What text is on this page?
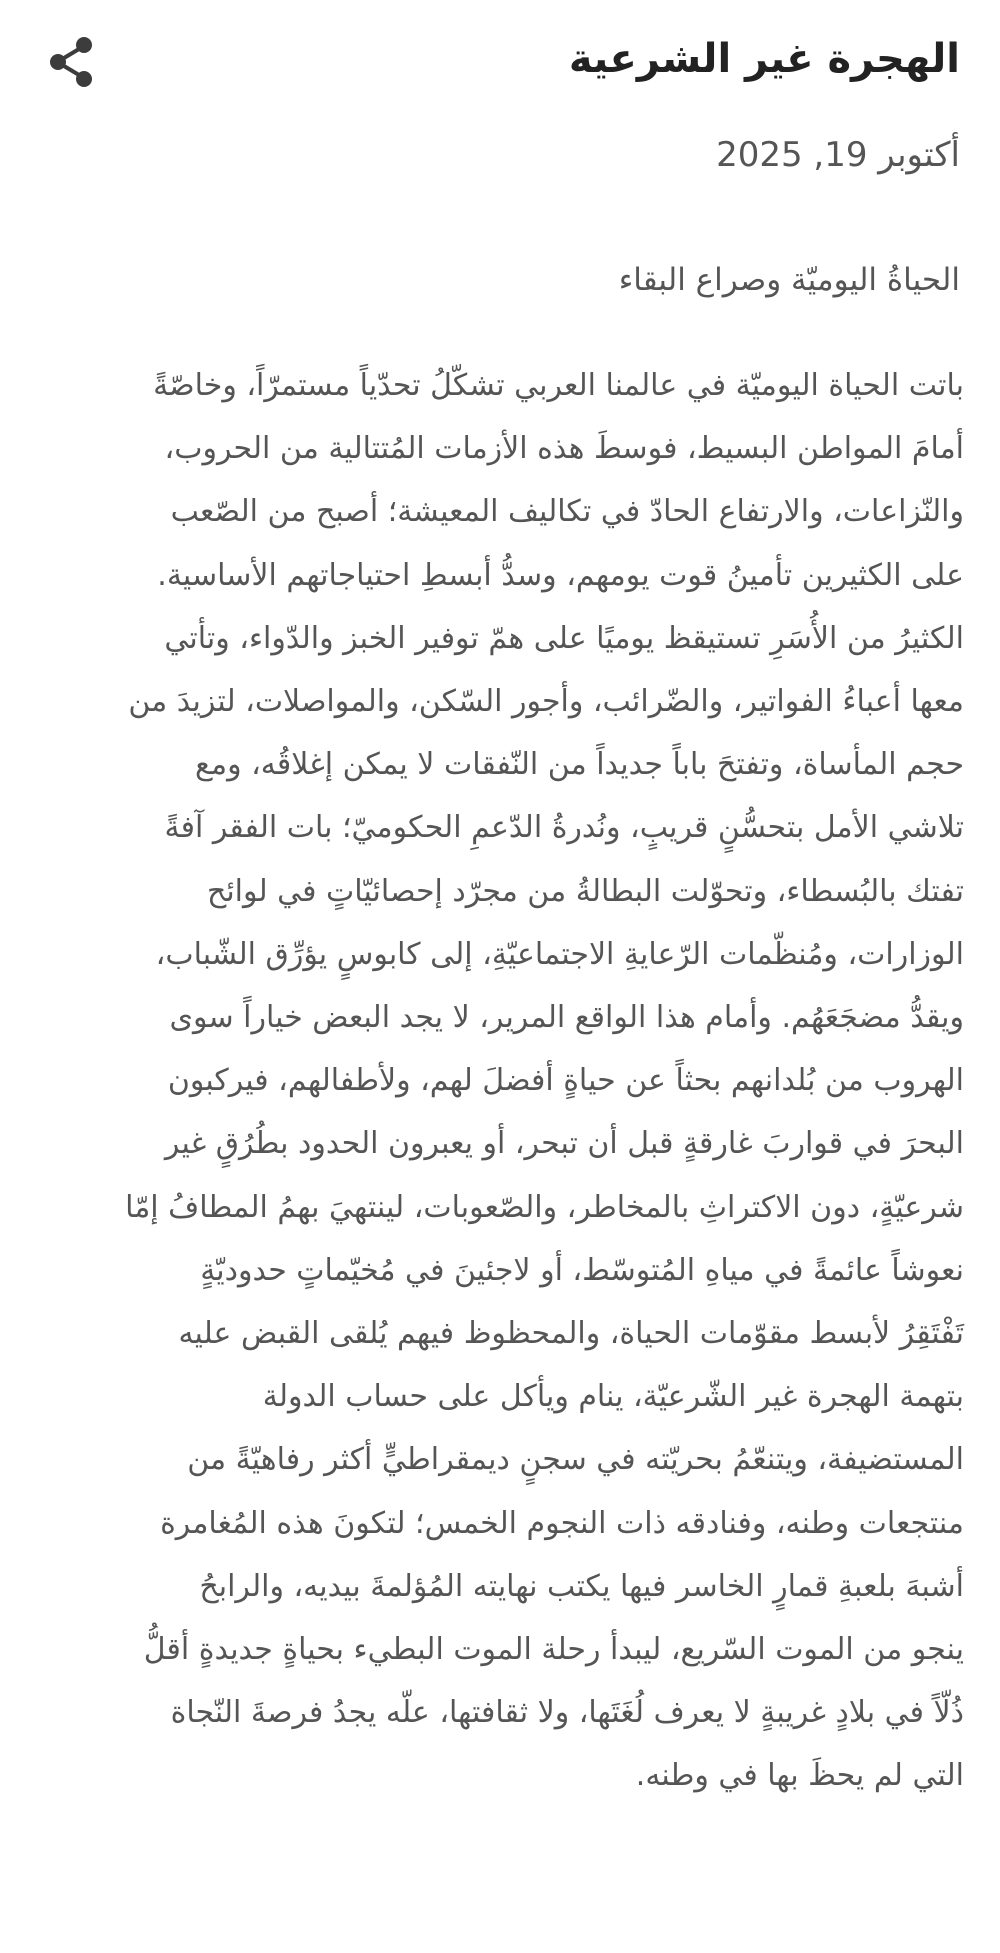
الهجرة غير الشرعية
أكتوبر 19, 2025
الحياةُ اليوميّة وصراع البقاء
باتت الحياة اليوميّة في عالمنا العربي تشكّلُ تحدّياً مستمرّاً، وخاصّةً
أمامَ المواطن البسيط، فوسطَ هذه الأزمات المُتتالية من الحروب،
والنّزاعات، والارتفاع الحادّ في تكاليف المعيشة؛ أصبح من الصّعب
على الكثيرين تأمينُ قوت يومهم، وسدُّ أبسطِ احتياجاتهم الأساسية.
الكثيرُ من الأُسَرِ تستيقظ يوميًا على همّ توفير الخبز والدّواء، وتأتي
معها أعباءُ الفواتير، والضّرائب، وأجور السّكن، والمواصلات، لتزيدَ من
حجم المأساة، وتفتحَ باباً جديداً من النّفقات لا يمكن إغلاقُه، ومع
تلاشي الأمل بتحسُّنٍ قريبٍ، ونُدرةُ الدّعمِ الحكوميّ؛ بات الفقر آفةً
تفتك بالبُسطاء، وتحوّلت البطالةُ من مجرّد إحصائيّاتٍ في لوائح
الوزارات، ومُنظّمات الرّعايةِ الاجتماعيّةِ، إلى كابوسٍ يؤرِّق الشّباب،
ويقدُّ مضجَعَهُم. وأمام هذا الواقع المرير، لا يجد البعض خياراً سوى
الهروب من بُلدانهم بحثاً عن حياةٍ أفضلَ لهم، ولأطفالهم، فيركبون
البحرَ في قواربَ غارقةٍ قبل أن تبحر، أو يعبرون الحدود بطُرُقٍ غير
شرعيّةٍ، دون الاكتراثِ بالمخاطر، والصّعوبات، لينتهيَ بهمُ المطافُ إمّا
نعوشاً عائمةً في مياهِ المُتوسّط، أو لاجئينَ في مُخيّماتٍ حدوديّةٍ
تَفْتَقِرُ لأبسط مقوّمات الحياة، والمحظوظ فيهم يُلقى القبض عليه
بتهمة الهجرة غير الشّرعيّة، ينام ويأكل على حساب الدولة
المستضيفة، ويتنعّمُ بحريّته في سجنٍ ديمقراطيٍّ أكثر رفاهيّةً من
منتجعات وطنه، وفنادقه ذات النجوم الخمس؛ لتكونَ هذه المُغامرة
أشبهَ بلعبةِ قمارٍ الخاسر فيها يكتب نهايته المُؤلمةَ بيديه، والرابحُ
ينجو من الموت السّريع، ليبدأ رحلة الموت البطيء بحياةٍ جديدةٍ أقلُّ
ذُلّاً في بلادٍ غريبةٍ لا يعرف لُغَتَها، ولا ثقافتها، علّه يجدُ فرصةَ النّجاة
التي لم يحظَ بها في وطنه.
